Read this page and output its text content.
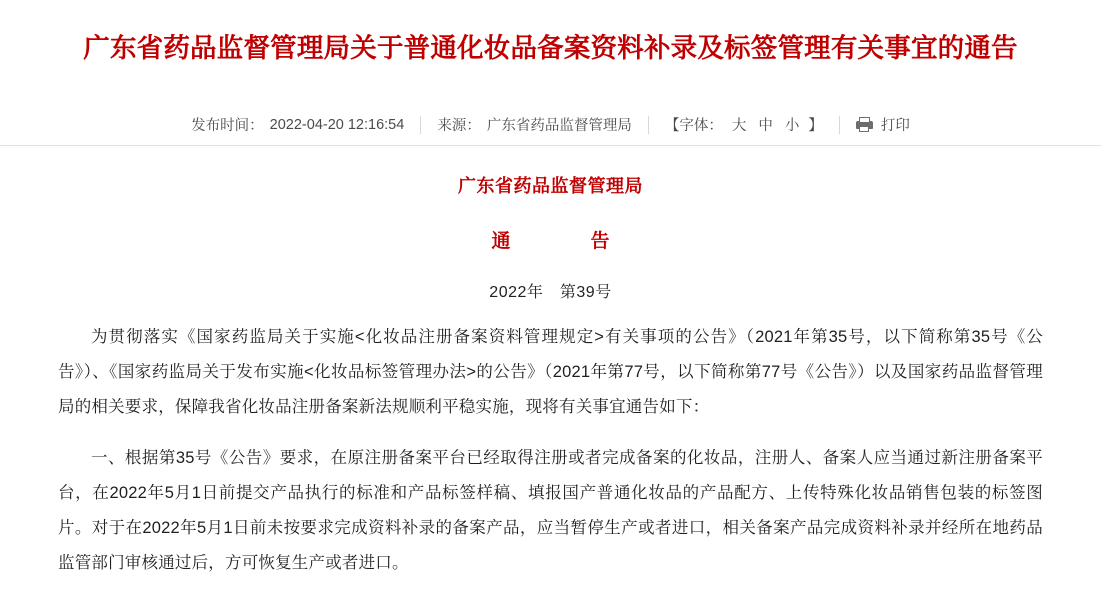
广东省药品监督管理局关于普通化妆品备案资料补录及标签管理有关事宜的通告
发布时间： 2022-04-20 12:16:54 来源： 广东省药品监督管理局 【字体： 大 中 小 】	打印
广东省药品监督管理局
通　　告
2022年　第39号

为贯彻落实《国家药监局关于实施<化妆品注册备案资料管理规定>有关事项的公告》（2021年第35号，以下简称第35号《公告》）、《国家药监局关于发布实施<化妆品标签管理办法>的公告》（2021年第77号，以下简称第77号《公告》）以及国家药品监督管理局的相关要求，保障我省化妆品注册备案新法规顺利平稳实施，现将有关事宜通告如下：

一、根据第35号《公告》要求，在原注册备案平台已经取得注册或者完成备案的化妆品，注册人、备案人应当通过新注册备案平台，在2022年5月1日前提交产品执行的标准和产品标签样稿、填报国产普通化妆品的产品配方、上传特殊化妆品销售包装的标签图片。对于在2022年5月1日前未按要求完成资料补录的备案产品，应当暂停生产或者进口，相关备案产品完成资料补录并经所在地药品监管部门审核通过后，方可恢复生产或者进口。
